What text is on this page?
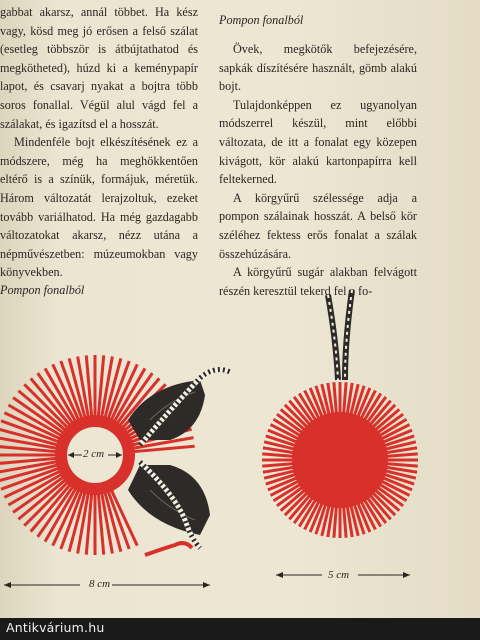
gabbat akarsz, annál többet. Ha kész vagy, kösd meg jó erősen a felső szálat (esetleg többször is átbújtathatod és megkötheted), húzd ki a keménypapír lapot, és csavarj nyakat a bojtra több soros fonallal. Végül alul vágd fel a szálakat, és igazítsd el a hosszát.

Mindenféle bojt elkészítésének ez a módszere, még ha meghökkentően eltérő is a színük, formájuk, méretük. Három változatát lerajzoltuk, ezeket tovább variálhatod. Ha még gazdagabb változatokat akarsz, nézz utána a népművészetben: múzeumokban vagy könyvekben.

Pompon fonalból

Övek, megkötők befejezésére, sapkák díszítésére használt, gömb alakú bojt.

Tulajdonképpen ez ugyanolyan módszerrel készül, mint előbbi változata, de itt a fonalat egy közepen kivágott, kör alakú kartonpapírra kell feltekerned.

A körgyűrű szélessége adja a pompon szálainak hosszát. A belső kör széléhez fektess erős fonalat a szálak összehúzására.

A körgyűrű sugár alakban felvágott részén keresztül tekerd fel a fo-

Pompon fonalból
2 cm
8 cm
5 cm
Antikvárium.hu
